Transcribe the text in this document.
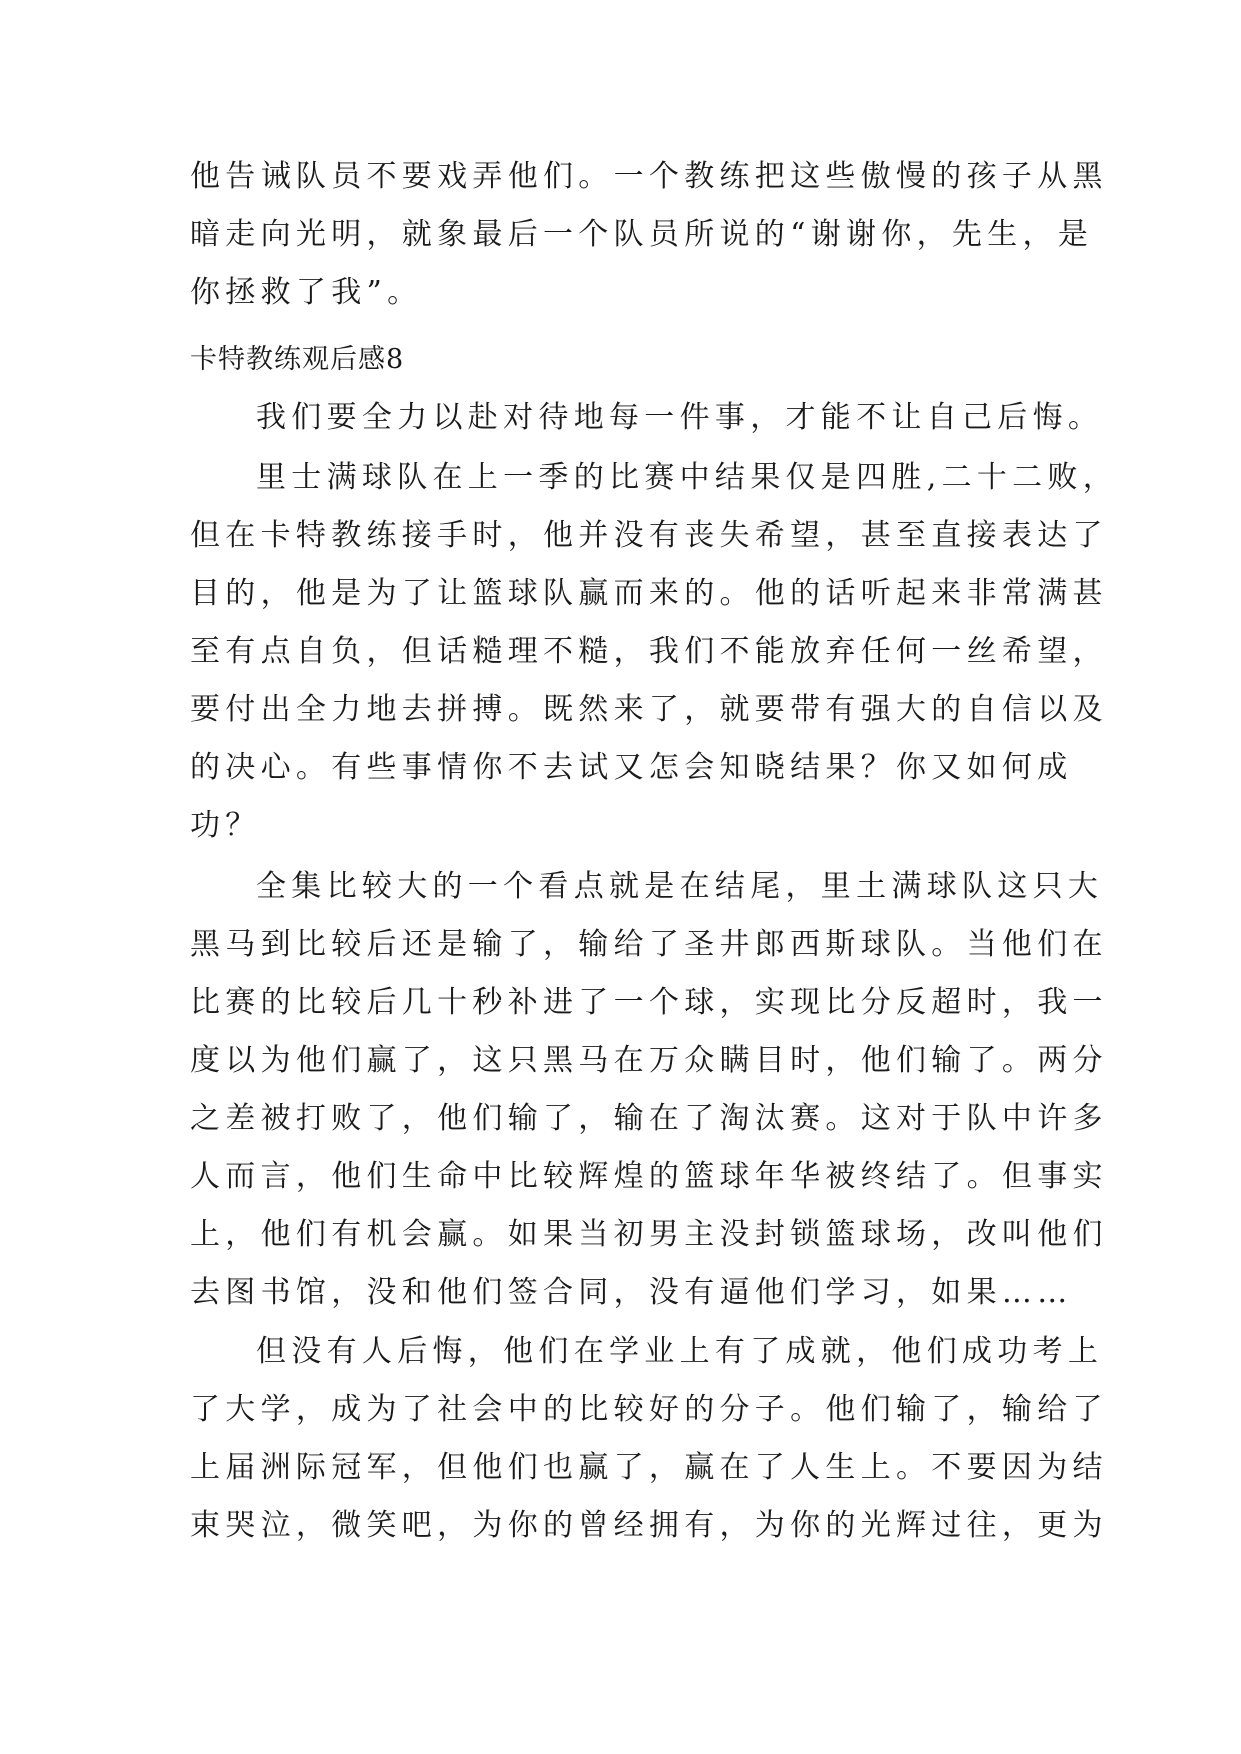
他告诫队员不要戏弄他们。一个教练把这些傲慢的孩子从黑
暗走向光明，就象最后一个队员所说的“谢谢你，先生，是
你拯救了我”。
卡特教练观后感8
我们要全力以赴对待地每一件事，才能不让自己后悔。
里士满球队在上一季的比赛中结果仅是四胜,二十二败，
但在卡特教练接手时，他并没有丧失希望，甚至直接表达了
目的，他是为了让篮球队赢而来的。他的话听起来非常满甚
至有点自负，但话糙理不糙，我们不能放弃任何一丝希望，
要付出全力地去拼搏。既然来了，就要带有强大的自信以及
的决心。有些事情你不去试又怎会知晓结果？你又如何成
功？
全集比较大的一个看点就是在结尾，里土满球队这只大
黑马到比较后还是输了，输给了圣井郎西斯球队。当他们在
比赛的比较后几十秒补进了一个球，实现比分反超时，我一
度以为他们赢了，这只黑马在万众瞒目时，他们输了。两分
之差被打败了，他们输了，输在了淘汰赛。这对于队中许多
人而言，他们生命中比较辉煌的篮球年华被终结了。但事实
上，他们有机会赢。如果当初男主没封锁篮球场，改叫他们
去图书馆，没和他们签合同，没有逼他们学习，如果……
但没有人后悔，他们在学业上有了成就，他们成功考上
了大学，成为了社会中的比较好的分子。他们输了，输给了
上届洲际冠军，但他们也赢了，赢在了人生上。不要因为结
束哭泣，微笑吧，为你的曾经拥有，为你的光辉过往，更为
